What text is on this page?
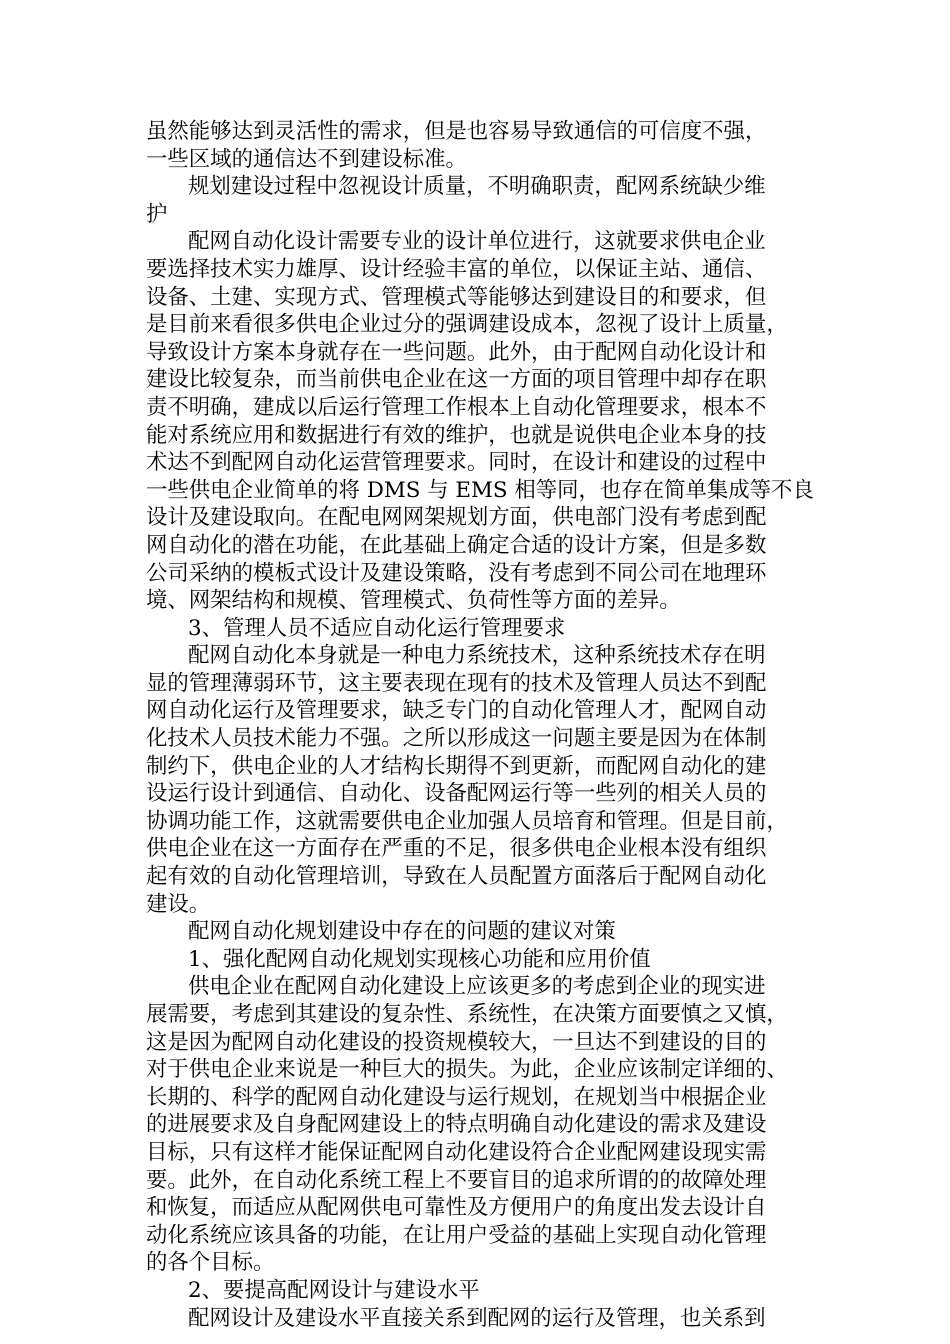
虽然能够达到灵活性的需求，但是也容易导致通信的可信度不强，
一些区域的通信达不到建设标准。
规划建设过程中忽视设计质量，不明确职责，配网系统缺少维
护
配网自动化设计需要专业的设计单位进行，这就要求供电企业
要选择技术实力雄厚、设计经验丰富的单位，以保证主站、通信、
设备、土建、实现方式、管理模式等能够达到建设目的和要求，但
是目前来看很多供电企业过分的强调建设成本，忽视了设计上质量，
导致设计方案本身就存在一些问题。此外，由于配网自动化设计和
建设比较复杂，而当前供电企业在这一方面的项目管理中却存在职
责不明确，建成以后运行管理工作根本上自动化管理要求，根本不
能对系统应用和数据进行有效的维护，也就是说供电企业本身的技
术达不到配网自动化运营管理要求。同时，在设计和建设的过程中
一些供电企业简单的将 DMS 与 EMS 相等同，也存在简单集成等不良
设计及建设取向。在配电网网架规划方面，供电部门没有考虑到配
网自动化的潜在功能，在此基础上确定合适的设计方案，但是多数
公司采纳的模板式设计及建设策略，没有考虑到不同公司在地理环
境、网架结构和规模、管理模式、负荷性等方面的差异。
3、管理人员不适应自动化运行管理要求
配网自动化本身就是一种电力系统技术，这种系统技术存在明
显的管理薄弱环节，这主要表现在现有的技术及管理人员达不到配
网自动化运行及管理要求，缺乏专门的自动化管理人才，配网自动
化技术人员技术能力不强。之所以形成这一问题主要是因为在体制
制约下，供电企业的人才结构长期得不到更新，而配网自动化的建
设运行设计到通信、自动化、设备配网运行等一些列的相关人员的
协调功能工作，这就需要供电企业加强人员培育和管理。但是目前，
供电企业在这一方面存在严重的不足，很多供电企业根本没有组织
起有效的自动化管理培训，导致在人员配置方面落后于配网自动化
建设。
配网自动化规划建设中存在的问题的建议对策
1、强化配网自动化规划实现核心功能和应用价值
供电企业在配网自动化建设上应该更多的考虑到企业的现实进
展需要，考虑到其建设的复杂性、系统性，在决策方面要慎之又慎，
这是因为配网自动化建设的投资规模较大，一旦达不到建设的目的
对于供电企业来说是一种巨大的损失。为此，企业应该制定详细的、
长期的、科学的配网自动化建设与运行规划，在规划当中根据企业
的进展要求及自身配网建设上的特点明确自动化建设的需求及建设
目标，只有这样才能保证配网自动化建设符合企业配网建设现实需
要。此外，在自动化系统工程上不要盲目的追求所谓的的故障处理
和恢复，而适应从配网供电可靠性及方便用户的角度出发去设计自
动化系统应该具备的功能，在让用户受益的基础上实现自动化管理
的各个目标。
2、要提高配网设计与建设水平
配网设计及建设水平直接关系到配网的运行及管理，也关系到
